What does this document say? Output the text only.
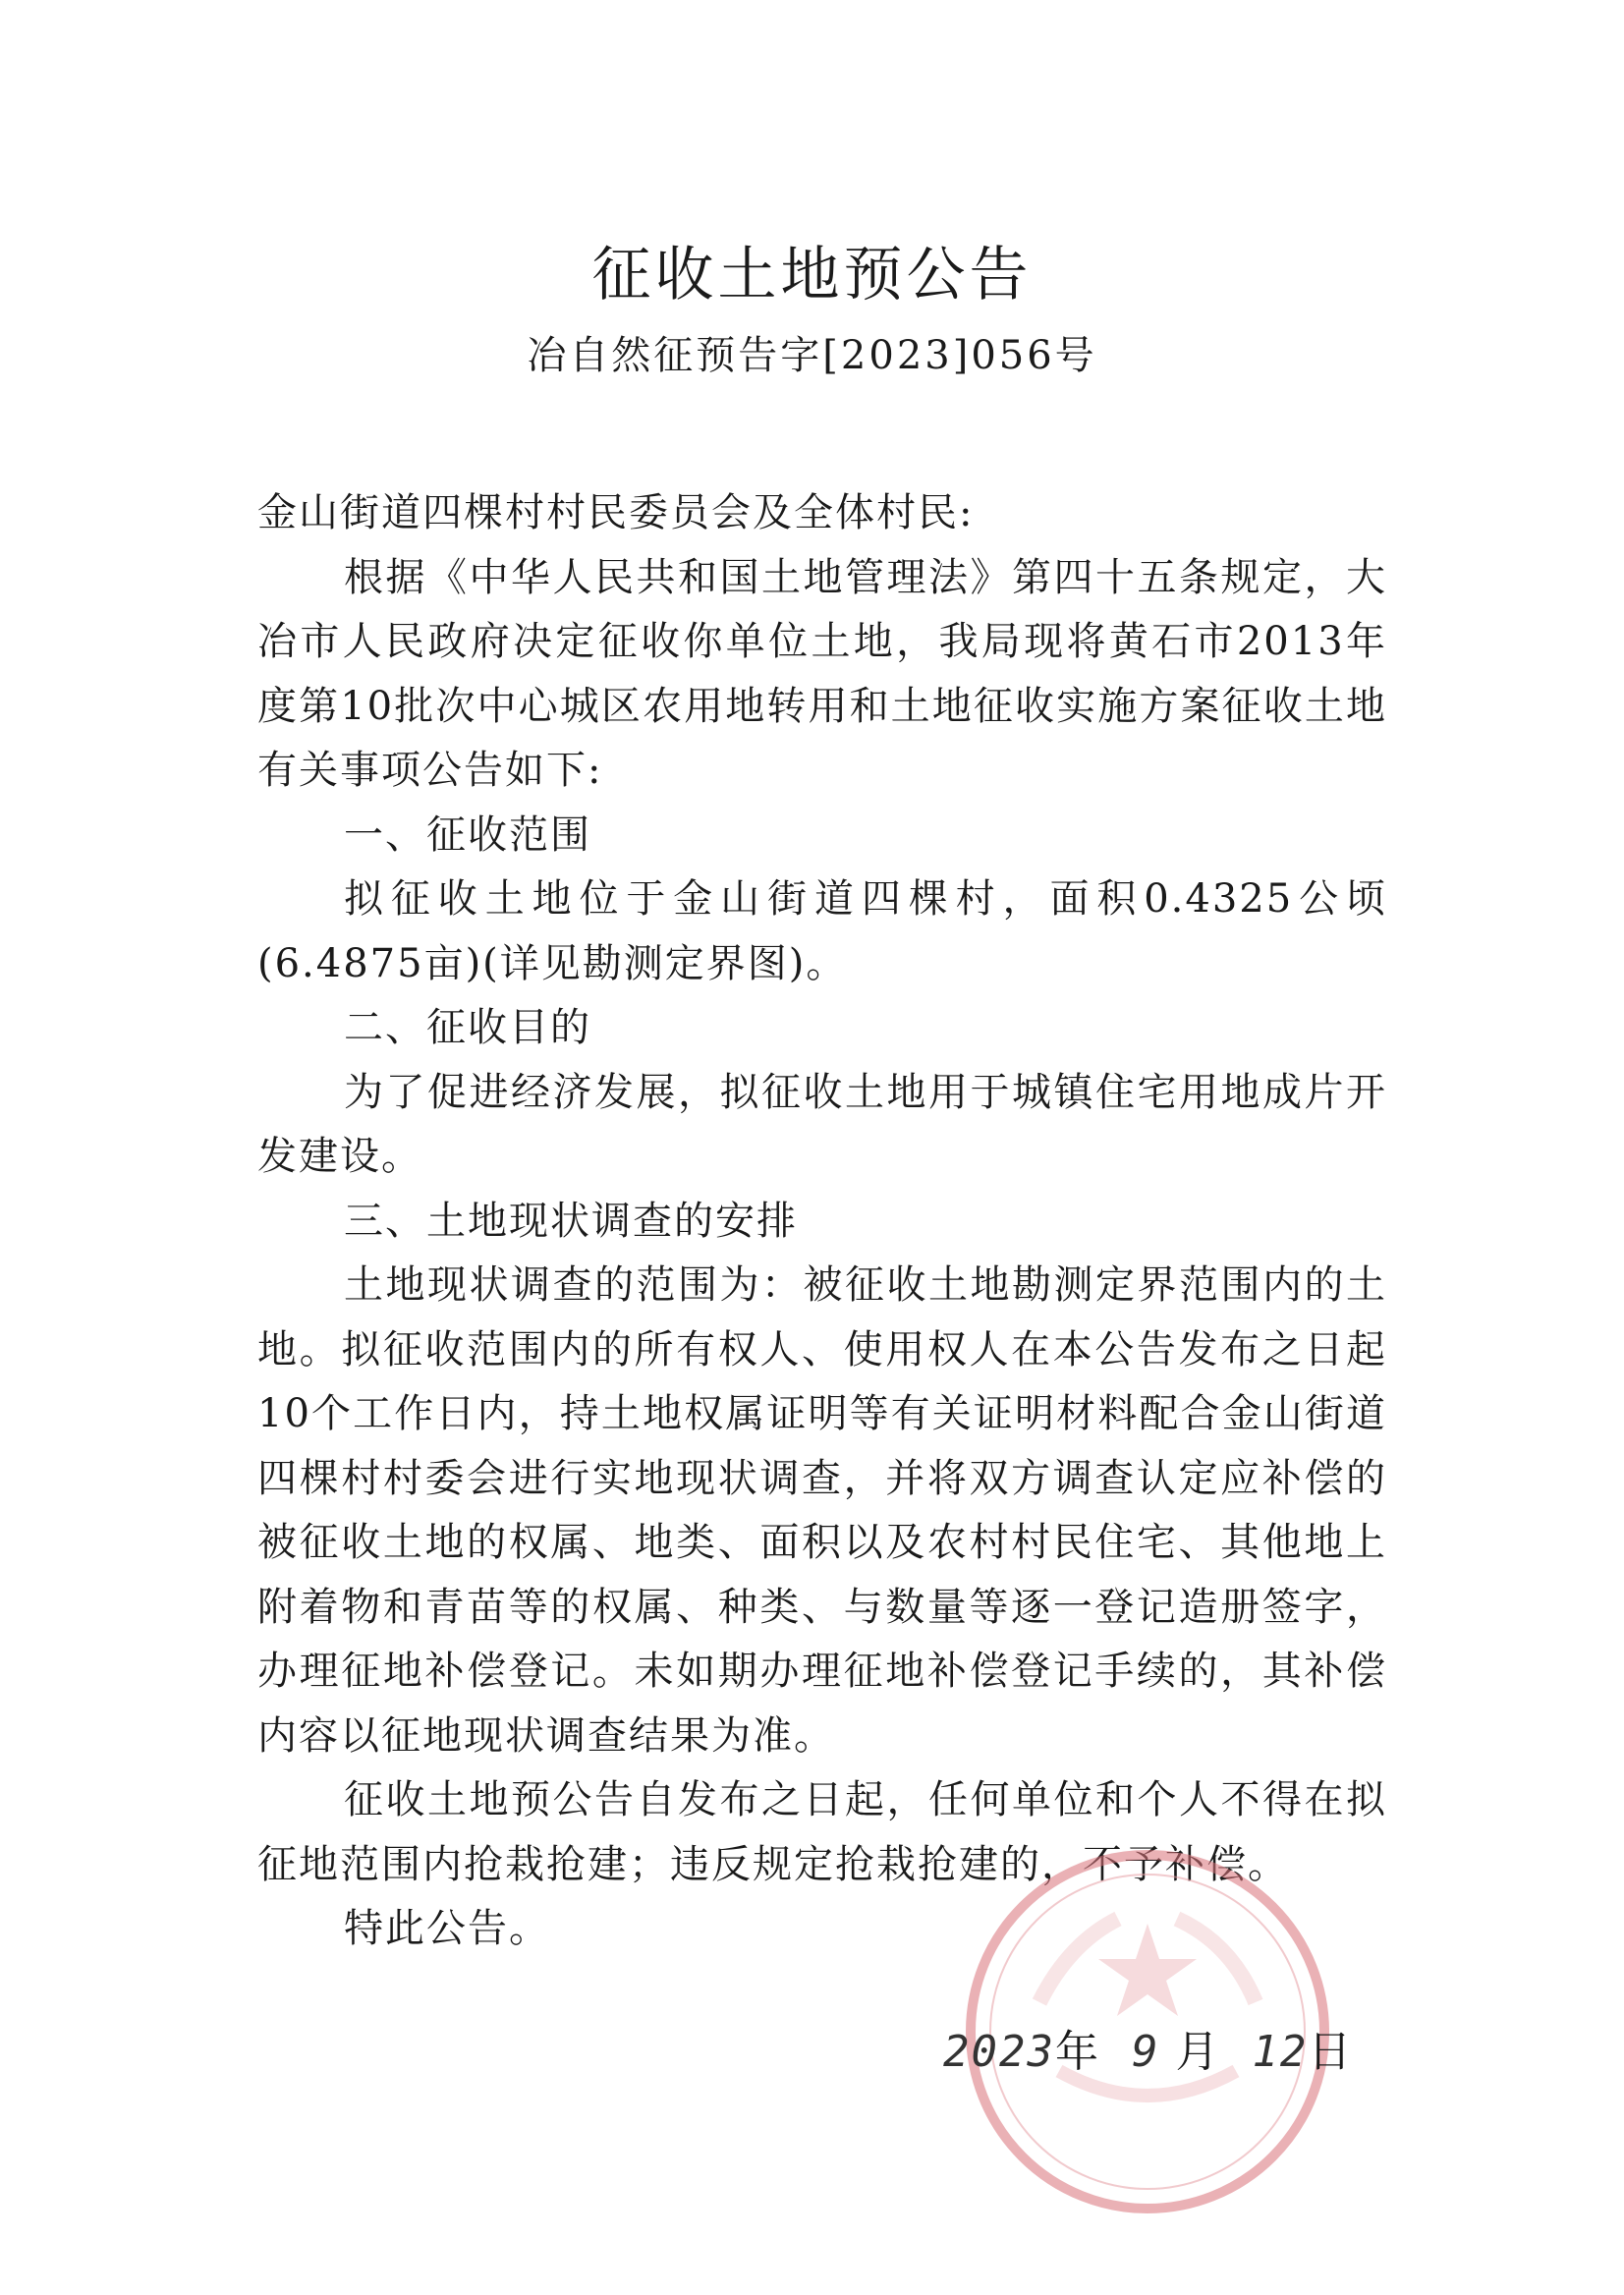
征收土地预公告
冶自然征预告字[2023]056号

金山街道四棵村村民委员会及全体村民:

根据《中华人民共和国土地管理法》第四十五条规定，大冶市人民政府决定征收你单位土地，我局现将黄石市2013年度第10批次中心城区农用地转用和土地征收实施方案征收土地有关事项公告如下:

一、征收范围

拟征收土地位于金山街道四棵村，面积0.4325公顷(6.4875亩)(详见勘测定界图)。

二、征收目的

为了促进经济发展，拟征收土地用于城镇住宅用地成片开发建设。

三、土地现状调查的安排

土地现状调查的范围为：被征收土地勘测定界范围内的土地。拟征收范围内的所有权人、使用权人在本公告发布之日起10个工作日内，持土地权属证明等有关证明材料配合金山街道四棵村村委会进行实地现状调查，并将双方调查认定应补偿的被征收土地的权属、地类、面积以及农村村民住宅、其他地上附着物和青苗等的权属、种类、与数量等逐一登记造册签字，办理征地补偿登记。未如期办理征地补偿登记手续的，其补偿内容以征地现状调查结果为准。

征收土地预公告自发布之日起，任何单位和个人不得在拟征地范围内抢栽抢建；违反规定抢栽抢建的，不予补偿。

特此公告。

2023年 9 月 12日
